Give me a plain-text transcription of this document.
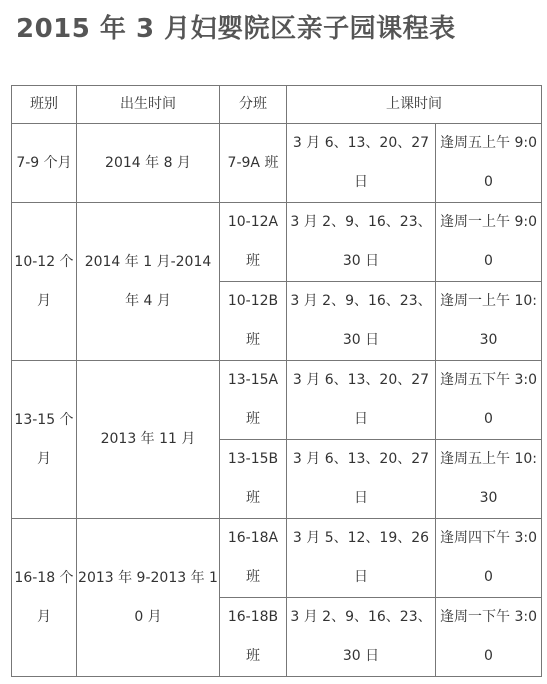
2015 年 3 月妇婴院区亲子园课程表
班别	出生时间	分班	上课时间	

7-9 个月	2014 年 8 月	7-9A 班	3 月 6、13、20、27 日	逢周五上午 9:00

10-12 个月	2014 年 1 月-2014 年 4 月	10-12A 班	3 月 2、9、16、23、30 日	逢周一上午 9:00

		10-12B 班	3 月 2、9、16、23、30 日	逢周一上午 10:30

13-15 个月	2013 年 11 月	13-15A 班	3 月 6、13、20、27 日	逢周五下午 3:00

		13-15B 班	3 月 6、13、20、27 日	逢周五上午 10:30

16-18 个月	2013 年 9-2013 年 10 月	16-18A 班	3 月 5、12、19、26 日	逢周四下午 3:00

		16-18B 班	3 月 2、9、16、23、30 日	逢周一下午 3:00
